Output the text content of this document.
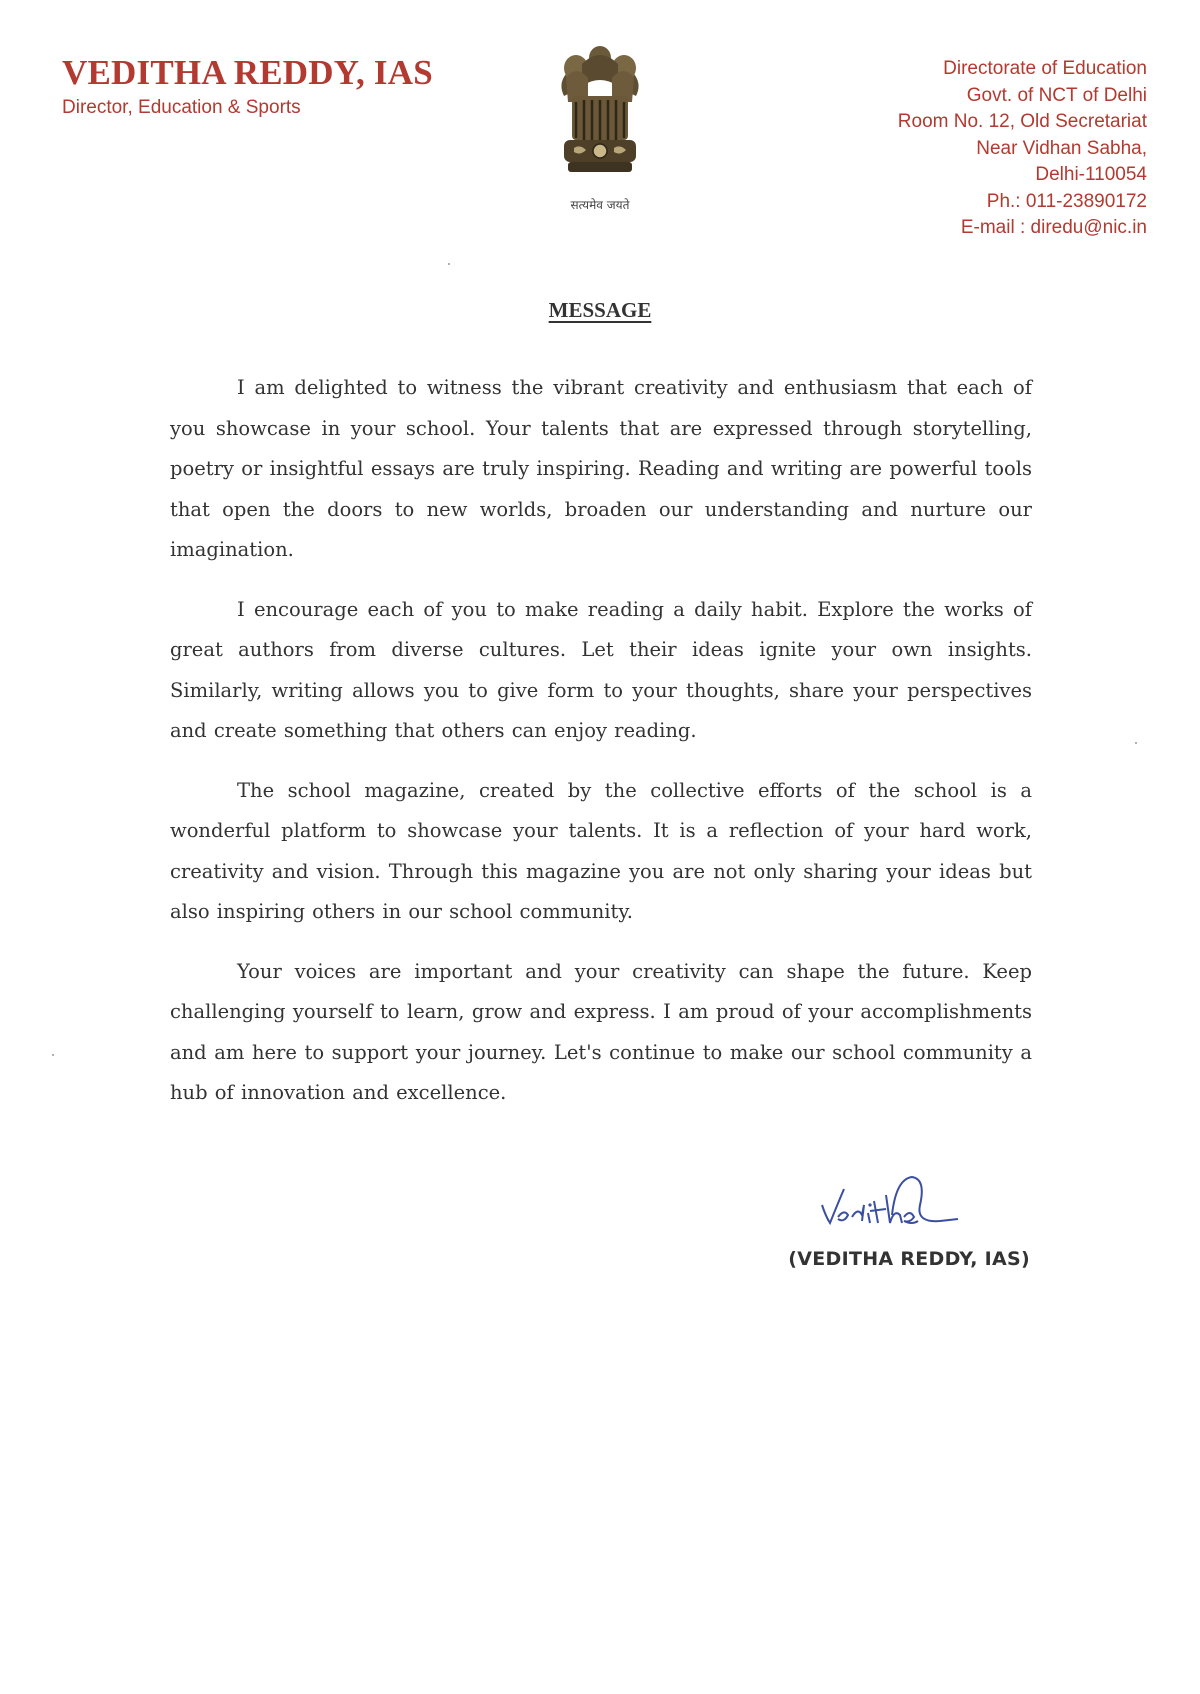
VEDITHA REDDY, IAS
Director, Education & Sports
सत्यमेव जयते
Directorate of Education
Govt. of NCT of Delhi
Room No. 12, Old Secretariat
Near Vidhan Sabha,
Delhi-110054
Ph.: 011-23890172
E-mail : diredu@nic.in
MESSAGE

I am delighted to witness the vibrant creativity and enthusiasm that each of you showcase in your school. Your talents that are expressed through storytelling, poetry or insightful essays are truly inspiring. Reading and writing are powerful tools that open the doors to new worlds, broaden our understanding and nurture our imagination.

I encourage each of you to make reading a daily habit. Explore the works of great authors from diverse cultures. Let their ideas ignite your own insights. Similarly, writing allows you to give form to your thoughts, share your perspectives and create something that others can enjoy reading.

The school magazine, created by the collective efforts of the school is a wonderful platform to showcase your talents. It is a reflection of your hard work, creativity and vision. Through this magazine you are not only sharing your ideas but also inspiring others in our school community.

Your voices are important and your creativity can shape the future. Keep challenging yourself to learn, grow and express. I am proud of your accomplishments and am here to support your journey. Let's continue to make our school community a hub of innovation and excellence.

(VEDITHA REDDY, IAS)
